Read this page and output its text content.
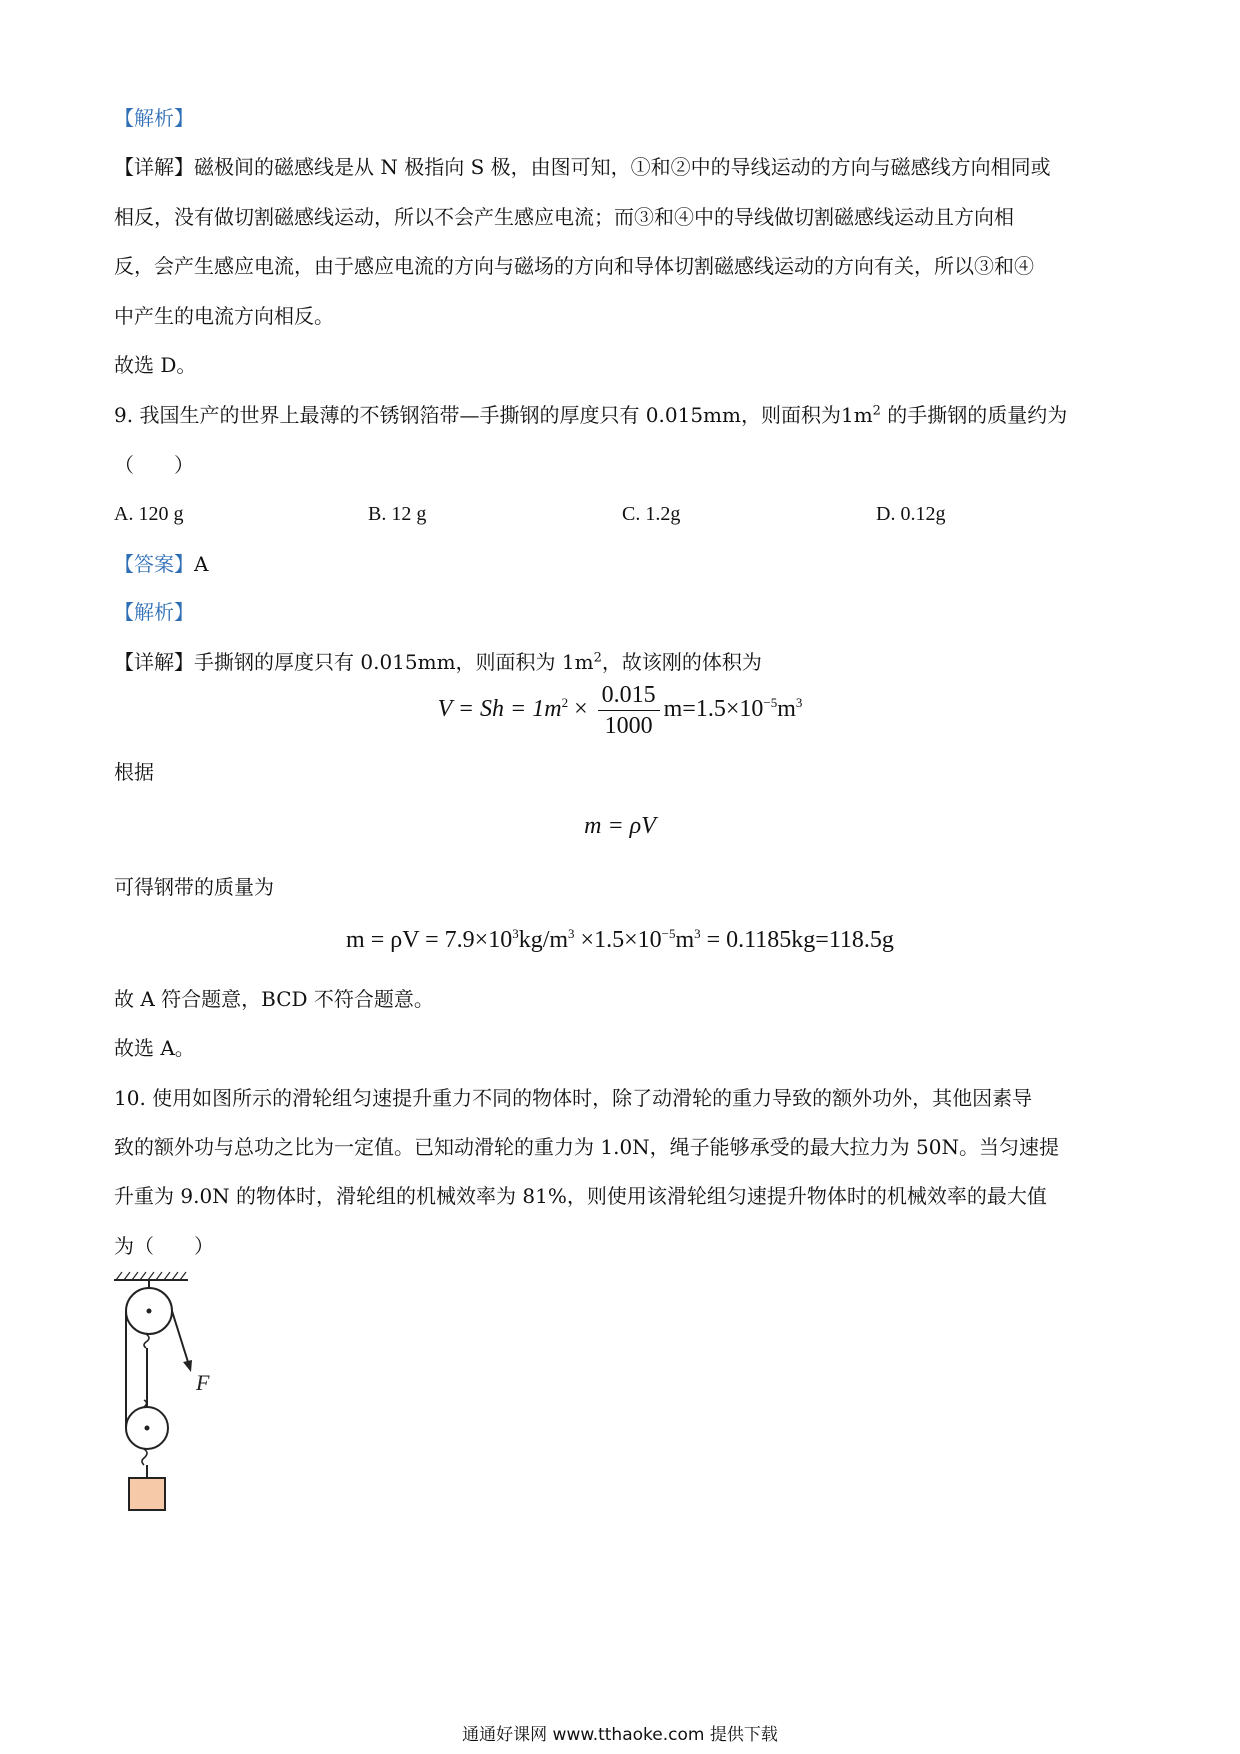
【解析】
【详解】磁极间的磁感线是从 N 极指向 S 极，由图可知，①和②中的导线运动的方向与磁感线方向相同或
相反，没有做切割磁感线运动，所以不会产生感应电流；而③和④中的导线做切割磁感线运动且方向相
反，会产生感应电流，由于感应电流的方向与磁场的方向和导体切割磁感线运动的方向有关，所以③和④
中产生的电流方向相反。
故选 D。
9. 我国生产的世界上最薄的不锈钢箔带—手撕钢的厚度只有 0.015mm，则面积为$1m^2$ 的手撕钢的质量约为
（　　）
A. 120 g	B. 12 g	C. 1.2g	D. 0.12g
【答案】A
【解析】
【详解】手撕钢的厚度只有 0.015mm，则面积为 $1m^2$，故该刚的体积为
$V = Sh = 1m^2 \times \frac{0.015}{1000} m=1.5\times 10^{-5}m^3$
根据
m = ρV
可得钢带的质量为
$m = \rho V = 7.9\times 10^3kg/m^3 \times 1.5\times 10^{-5}m^3 = 0.1185kg=118.5g$
故 A 符合题意，BCD 不符合题意。
故选 A。
10. 使用如图所示的滑轮组匀速提升重力不同的物体时，除了动滑轮的重力导致的额外功外，其他因素导
致的额外功与总功之比为一定值。已知动滑轮的重力为 1.0N，绳子能够承受的最大拉力为 50N。当匀速提
升重为 9.0N 的物体时，滑轮组的机械效率为 81%，则使用该滑轮组匀速提升物体时的机械效率的最大值
为（　　）
F
通通好课网 www.tthaoke.com 提供下载
